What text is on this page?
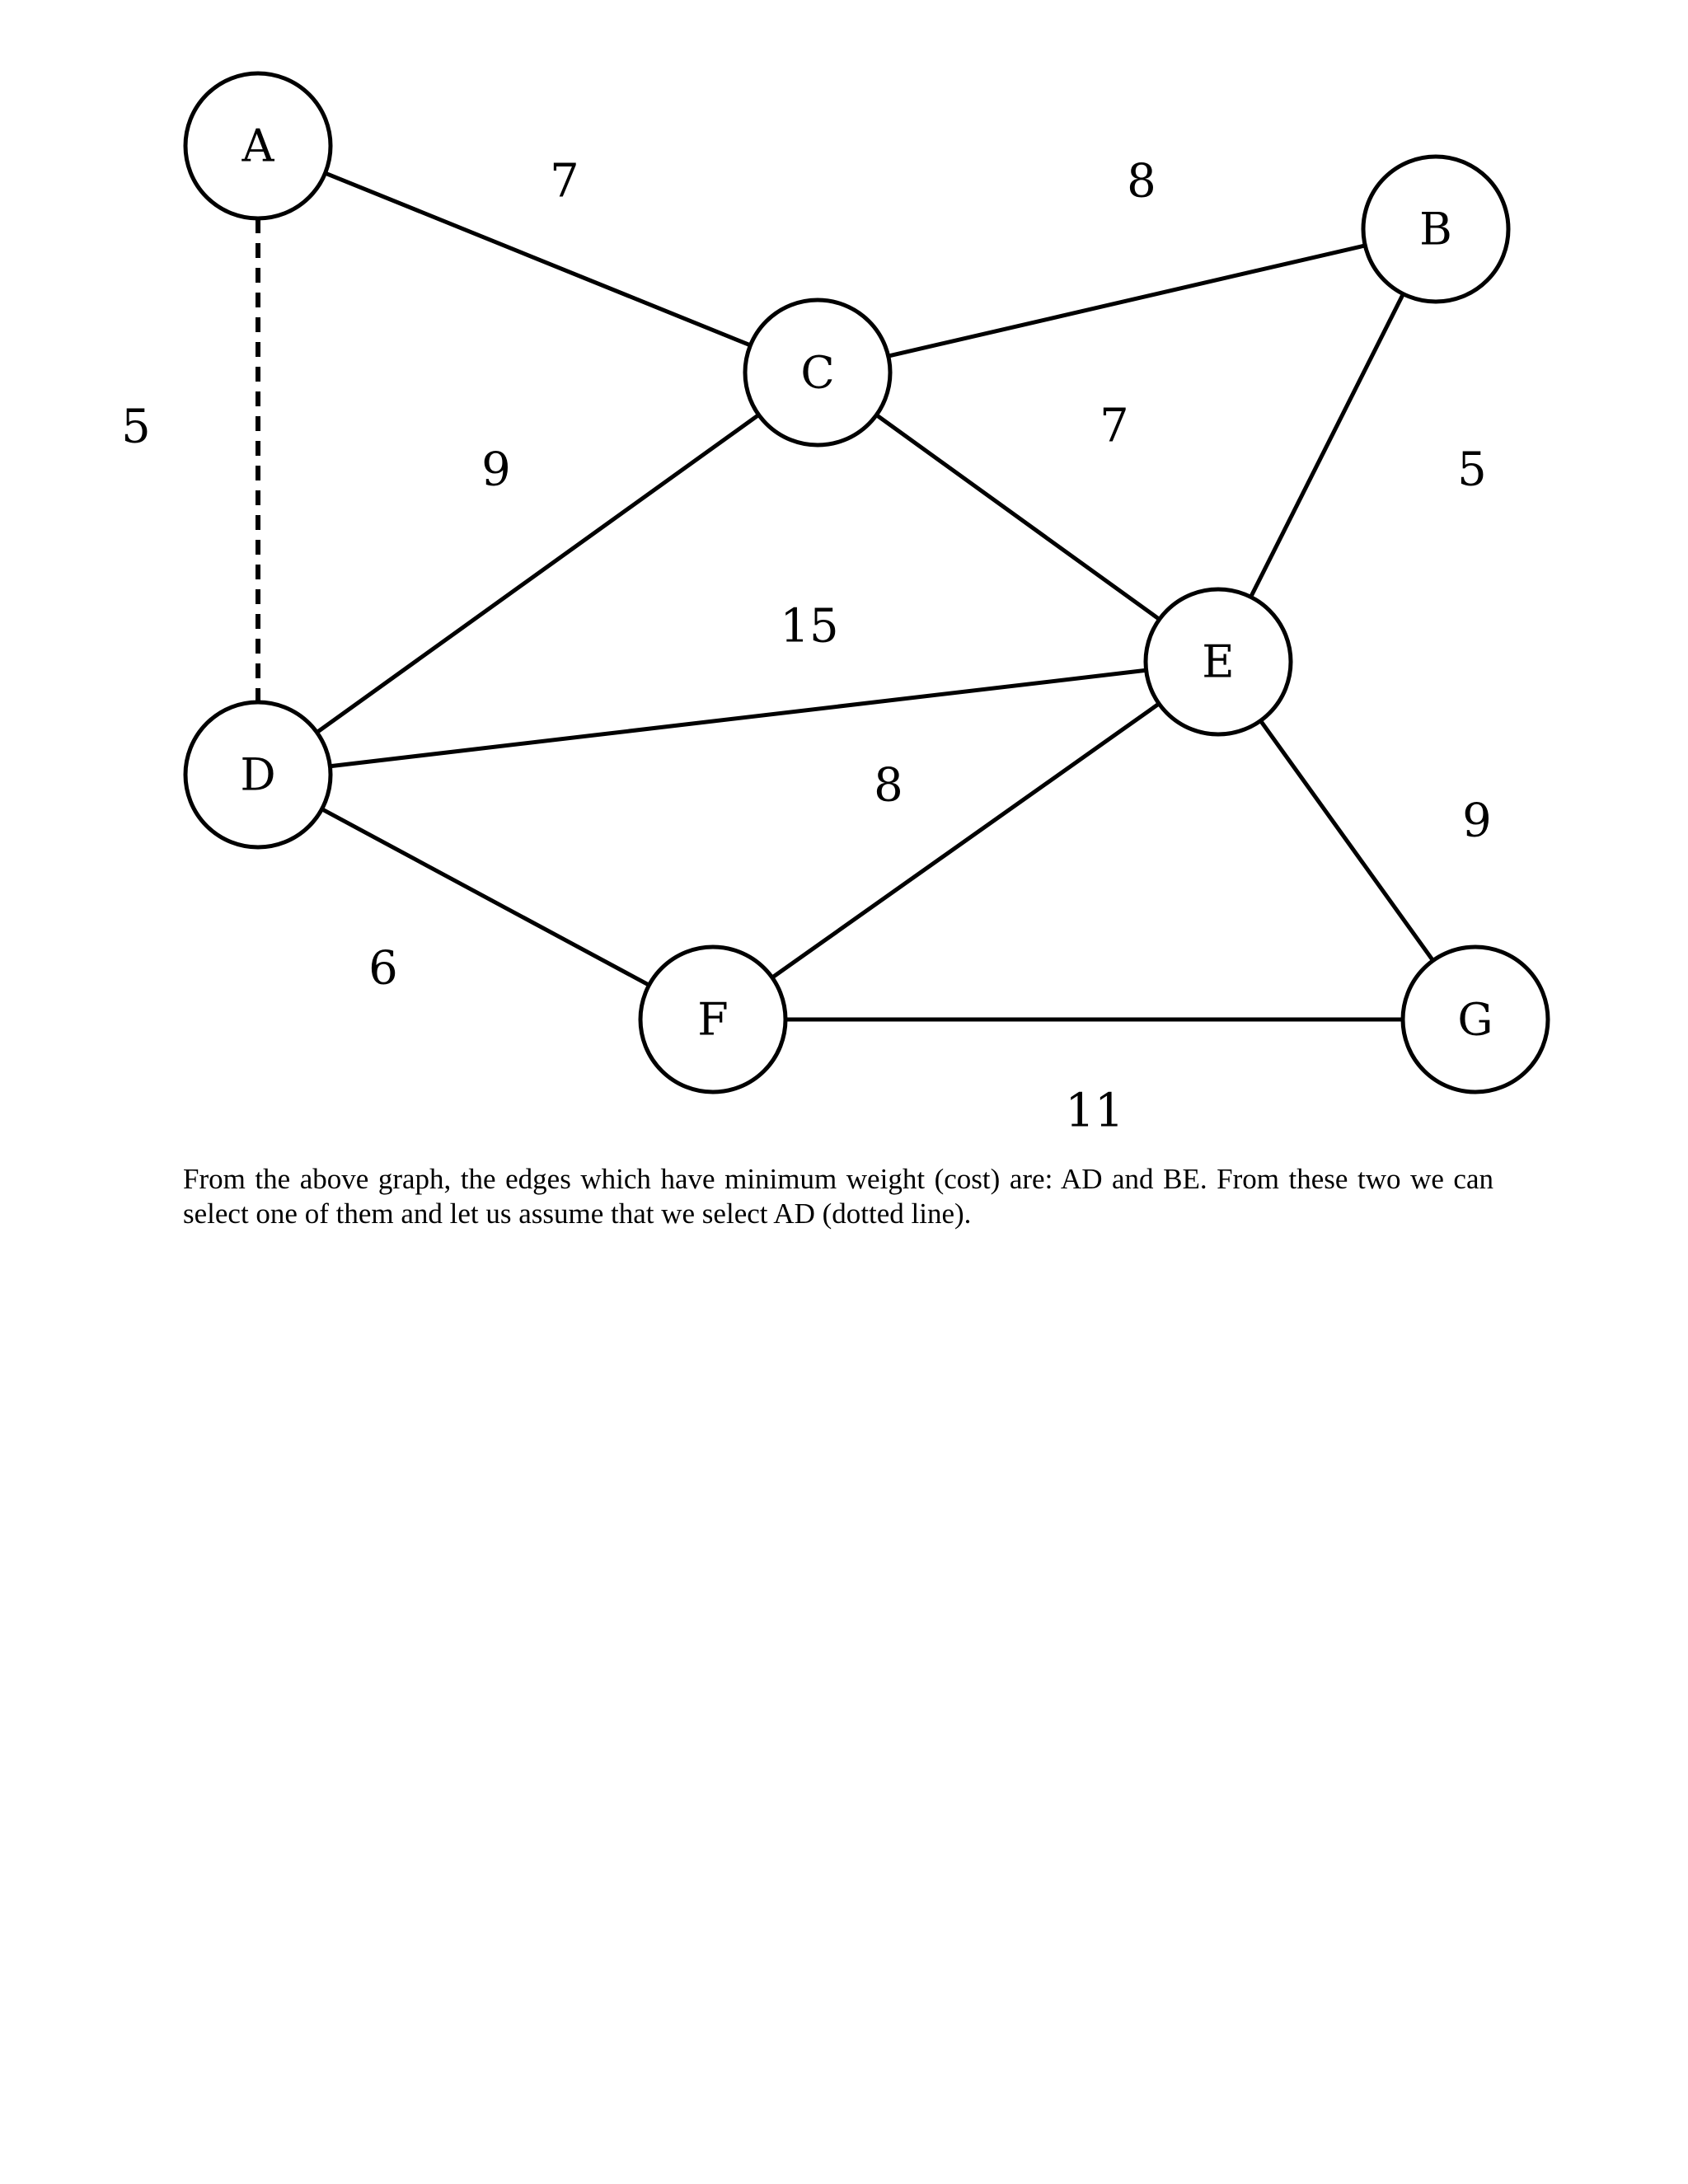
5
7	8
7
5
9
15
8
9
6
11
A
B
C
D
E
F	G

From the above graph, the edges which have minimum weight (cost) are: AD and BE. From these two we can select one of them and let us assume that we select AD (dotted line).
